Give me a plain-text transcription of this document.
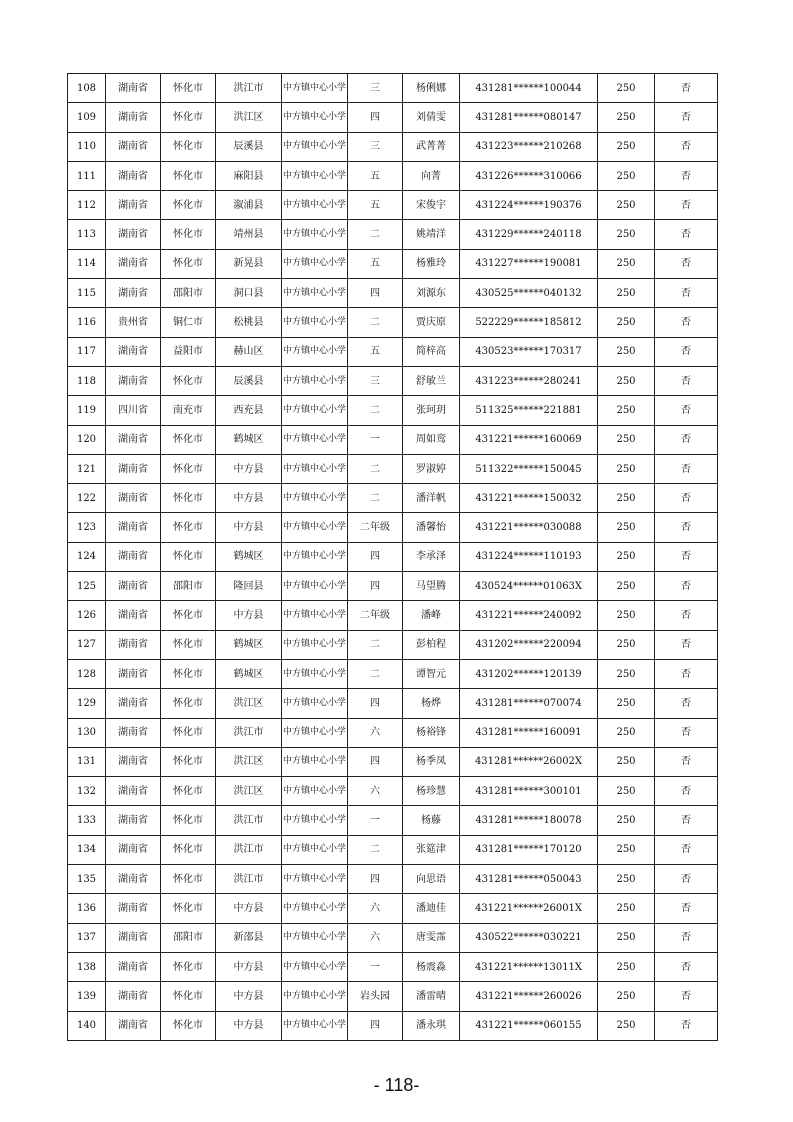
108	湖南省	怀化市	洪江市	中方镇中心小学	三	杨俐娜	431281******100044	250	否
109	湖南省	怀化市	洪江区	中方镇中心小学	四	刘倩雯	431281******080147	250	否
110	湖南省	怀化市	辰溪县	中方镇中心小学	三	武菁菁	431223******210268	250	否
111	湖南省	怀化市	麻阳县	中方镇中心小学	五	向菁	431226******310066	250	否
112	湖南省	怀化市	溆浦县	中方镇中心小学	五	宋俊宇	431224******190376	250	否
113	湖南省	怀化市	靖州县	中方镇中心小学	二	姚靖洋	431229******240118	250	否
114	湖南省	怀化市	新晃县	中方镇中心小学	五	杨雅玲	431227******190081	250	否
115	湖南省	邵阳市	洞口县	中方镇中心小学	四	刘源东	430525******040132	250	否
116	贵州省	铜仁市	松桃县	中方镇中心小学	二	贾庆原	522229******185812	250	否
117	湖南省	益阳市	赫山区	中方镇中心小学	五	简梓高	430523******170317	250	否
118	湖南省	怀化市	辰溪县	中方镇中心小学	三	舒敏兰	431223******280241	250	否
119	四川省	南充市	西充县	中方镇中心小学	二	张珂玥	511325******221881	250	否
120	湖南省	怀化市	鹤城区	中方镇中心小学	一	周如鸾	431221******160069	250	否
121	湖南省	怀化市	中方县	中方镇中心小学	二	罗淑婷	511322******150045	250	否
122	湖南省	怀化市	中方县	中方镇中心小学	二	潘洋帆	431221******150032	250	否
123	湖南省	怀化市	中方县	中方镇中心小学	二年级	潘馨怡	431221******030088	250	否
124	湖南省	怀化市	鹤城区	中方镇中心小学	四	李承泽	431224******110193	250	否
125	湖南省	邵阳市	隆回县	中方镇中心小学	四	马望腾	430524******01063X	250	否
126	湖南省	怀化市	中方县	中方镇中心小学	二年级	潘峰	431221******240092	250	否
127	湖南省	怀化市	鹤城区	中方镇中心小学	二	彭柏程	431202******220094	250	否
128	湖南省	怀化市	鹤城区	中方镇中心小学	二	谭智元	431202******120139	250	否
129	湖南省	怀化市	洪江区	中方镇中心小学	四	杨烨	431281******070074	250	否
130	湖南省	怀化市	洪江市	中方镇中心小学	六	杨裕锋	431281******160091	250	否
131	湖南省	怀化市	洪江区	中方镇中心小学	四	杨季凤	431281******26002X	250	否
132	湖南省	怀化市	洪江区	中方镇中心小学	六	杨珍慧	431281******300101	250	否
133	湖南省	怀化市	洪江市	中方镇中心小学	一	杨藤	431281******180078	250	否
134	湖南省	怀化市	洪江市	中方镇中心小学	二	张筵津	431281******170120	250	否
135	湖南省	怀化市	洪江市	中方镇中心小学	四	向思语	431281******050043	250	否
136	湖南省	怀化市	中方县	中方镇中心小学	六	潘迪佳	431221******26001X	250	否
137	湖南省	邵阳市	新邵县	中方镇中心小学	六	唐雯霈	430522******030221	250	否
138	湖南省	怀化市	中方县	中方镇中心小学	一	杨震淼	431221******13011X	250	否
139	湖南省	怀化市	中方县	中方镇中心小学	岩头园	潘雷晴	431221******260026	250	否
140	湖南省	怀化市	中方县	中方镇中心小学	四	潘永琪	431221******060155	250	否
- 118-
